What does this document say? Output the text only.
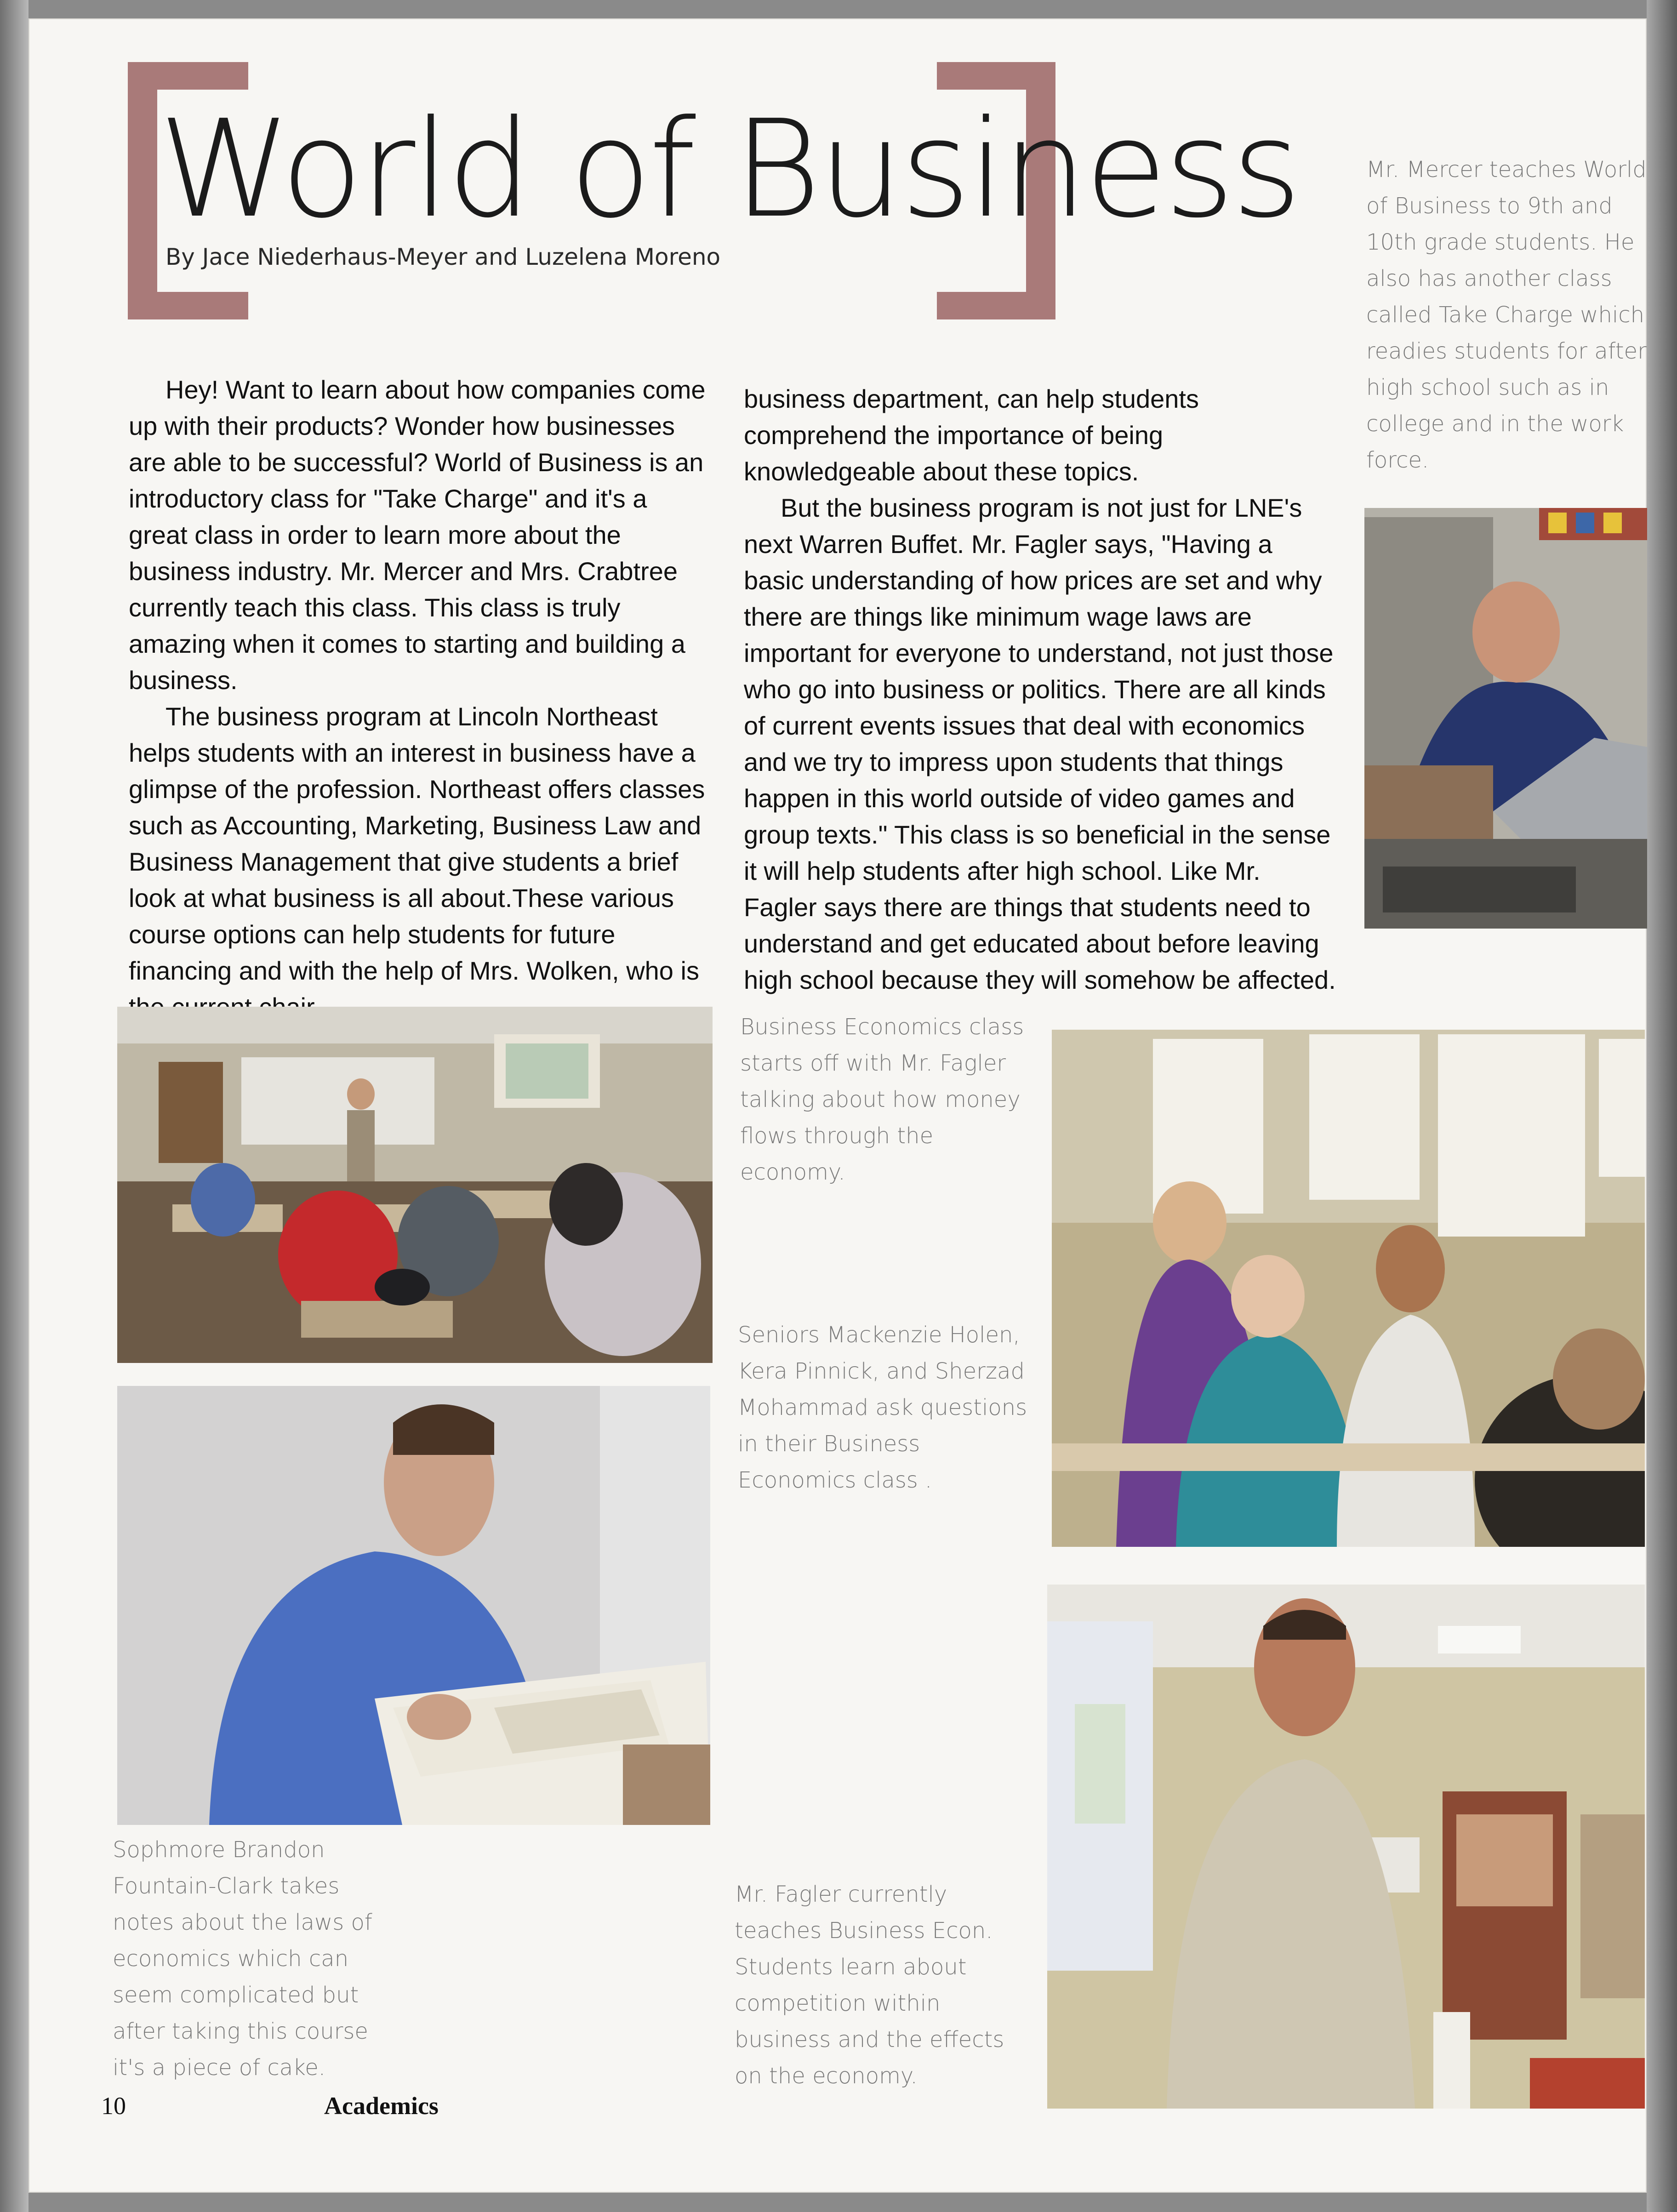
World of Business
By Jace Niederhaus-Meyer and Luzelena Moreno

Hey! Want to learn about how companies come up with their products? Wonder how businesses are able to be successful? World of Business is an introductory class for "Take Charge" and it's a great class in order to learn more about the business industry. Mr. Mercer and Mrs. Crabtree currently teach this class. This class is truly amazing when it comes to starting and building a business.

The business program at Lincoln Northeast helps students with an interest in business have a glimpse of the profession. Northeast offers classes such as Accounting, Marketing, Business Law and Business Management that give students a brief look at what business is all about.These various course options can help students for future financing and with the help of Mrs. Wolken, who is

business department, can help students comprehend the importance of being knowledgeable about these topics.

But the business program is not just for LNE's next Warren Buffet. Mr. Fagler says, "Having a basic understanding of how prices are set and why there are things like minimum wage laws are important for everyone to understand, not just those who go into business or politics. There are all kinds of current events issues that deal with economics and we try to impress upon students that things happen in this world outside of video games and group texts." This class is so beneficial in the sense it will help students after high school. Like Mr. Fagler says there are things that students need to understand and get educated about before leaving high school because they will somehow be affected.

Mr. Mercer teaches World of Business to 9th and 10th grade students. He also has another class called Take Charge which readies students for after high school such as in college and in the work force.
Business Economics class starts off with Mr. Fagler talking about how money flows through the economy.
Seniors Mackenzie Holen, Kera Pinnick, and Sherzad Mohammad ask questions in their Business Economics class .
Sophmore Brandon Fountain-Clark takes notes about the laws of economics which can seem complicated but after taking this course it's a piece of cake.
Mr. Fagler currently teaches Business Econ. Students learn about competition within business and the effects on the economy.
10	Academics
